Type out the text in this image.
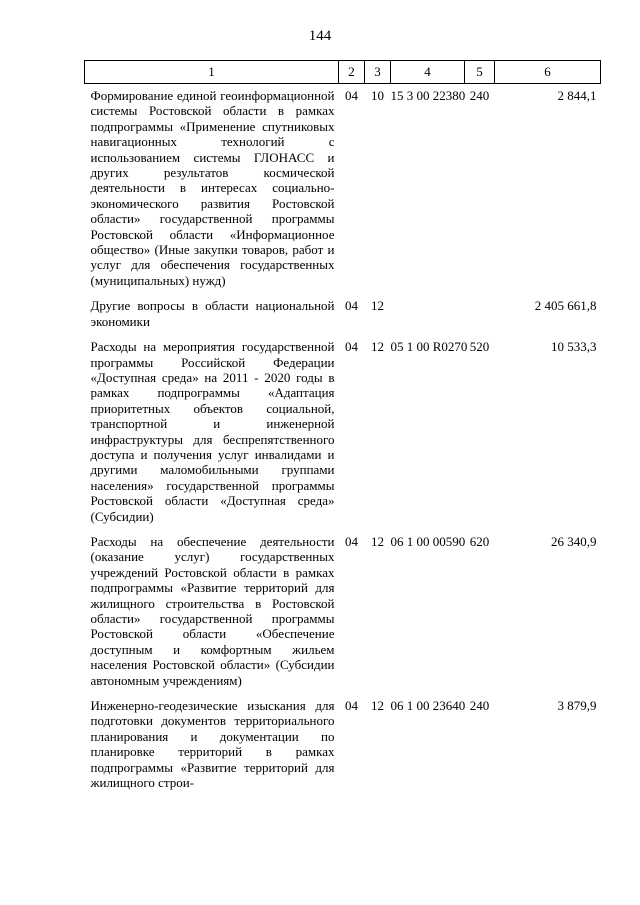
144
1	2	3	4	5	6
Формирование единой геоинформационной системы Ростовской области в рамках подпрограммы «Применение спутниковых навигационных технологий с использованием системы ГЛОНАСС и других результатов космической деятельности в интересах социально-экономического развития Ростовской области» государственной программы Ростовской области «Информационное общество» (Иные закупки товаров, работ и услуг для обеспечения государственных (муниципальных) нужд)	04	10	15 3 00 22380	240	2 844,1
Другие вопросы в области национальной экономики	04	12			2 405 661,8
Расходы на мероприятия государственной программы Российской Федерации «Доступная среда» на 2011 - 2020 годы в рамках подпрограммы «Адаптация приоритетных объектов социальной, транспортной и инженерной инфраструктуры для беспрепятственного доступа и получения услуг инвалидами и другими маломобильными группами населения» государственной программы Ростовской области «Доступная среда» (Субсидии)	04	12	05 1 00 R0270	520	10 533,3
Расходы на обеспечение деятельности (оказание услуг) государственных учреждений Ростовской области в рамках подпрограммы «Развитие территорий для жилищного строительства в Ростовской области» государственной программы Ростовской области «Обеспечение доступным и комфортным жильем населения Ростовской области» (Субсидии автономным учреждениям)	04	12	06 1 00 00590	620	26 340,9
Инженерно-геодезические изыскания для подготовки документов территориального планирования и документации по планировке территорий в рамках подпрограммы «Развитие территорий для жилищного строи-	04	12	06 1 00 23640	240	3 879,9
